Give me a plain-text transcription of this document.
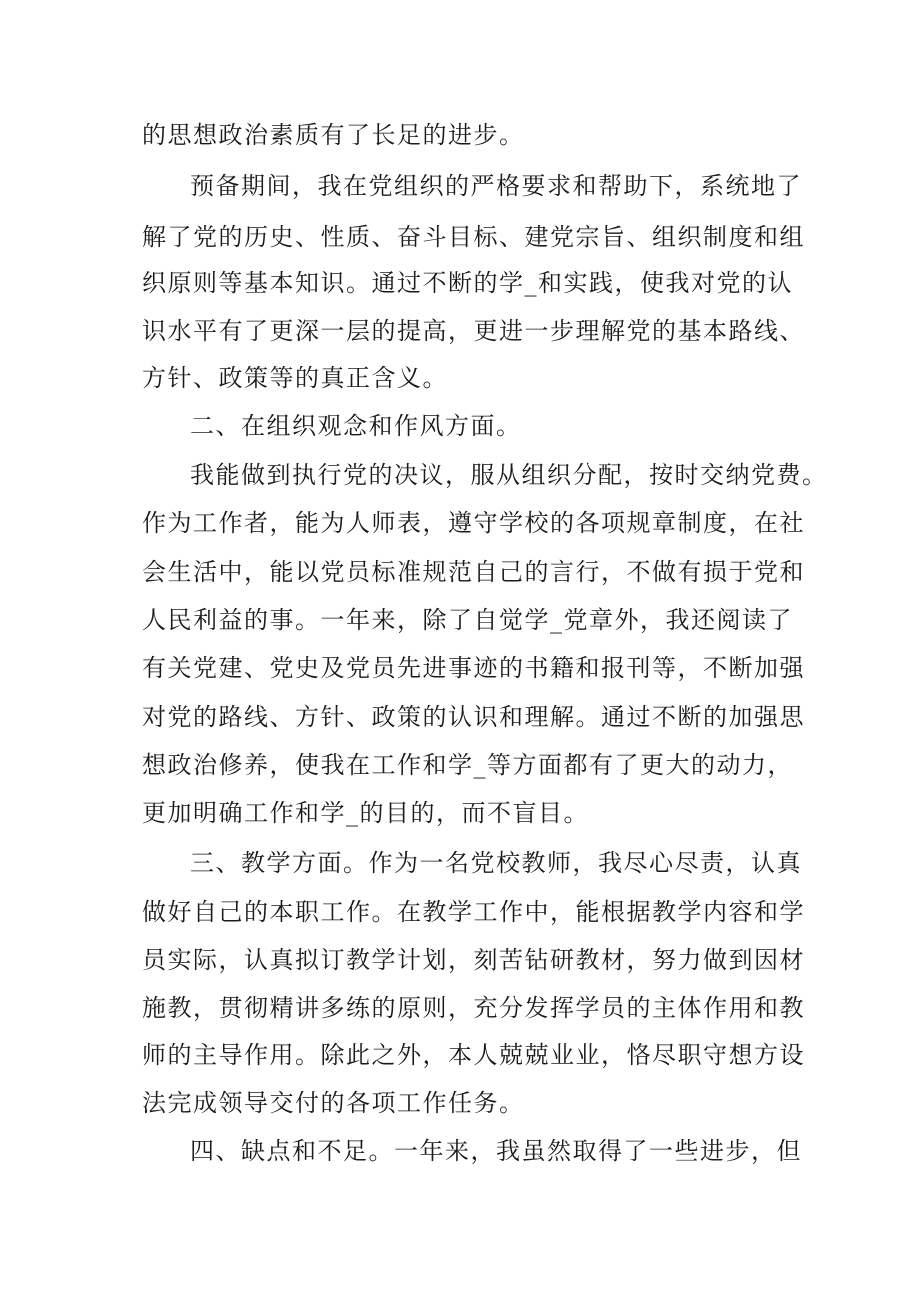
的思想政治素质有了长足的进步。

预备期间，我在党组织的严格要求和帮助下，系统地了

解了党的历史、性质、奋斗目标、建党宗旨、组织制度和组

织原则等基本知识。通过不断的学_和实践，使我对党的认

识水平有了更深一层的提高，更进一步理解党的基本路线、

方针、政策等的真正含义。

二、在组织观念和作风方面。

我能做到执行党的决议，服从组织分配，按时交纳党费。

作为工作者，能为人师表，遵守学校的各项规章制度，在社

会生活中，能以党员标准规范自己的言行，不做有损于党和

人民利益的事。一年来，除了自觉学_党章外，我还阅读了

有关党建、党史及党员先进事迹的书籍和报刊等，不断加强

对党的路线、方针、政策的认识和理解。通过不断的加强思

想政治修养，使我在工作和学_等方面都有了更大的动力，

更加明确工作和学_的目的，而不盲目。

三、教学方面。作为一名党校教师，我尽心尽责，认真

做好自己的本职工作。在教学工作中，能根据教学内容和学

员实际，认真拟订教学计划，刻苦钻研教材，努力做到因材

施教，贯彻精讲多练的原则，充分发挥学员的主体作用和教

师的主导作用。除此之外，本人兢兢业业，恪尽职守想方设

法完成领导交付的各项工作任务。

四、缺点和不足。一年来，我虽然取得了一些进步，但
